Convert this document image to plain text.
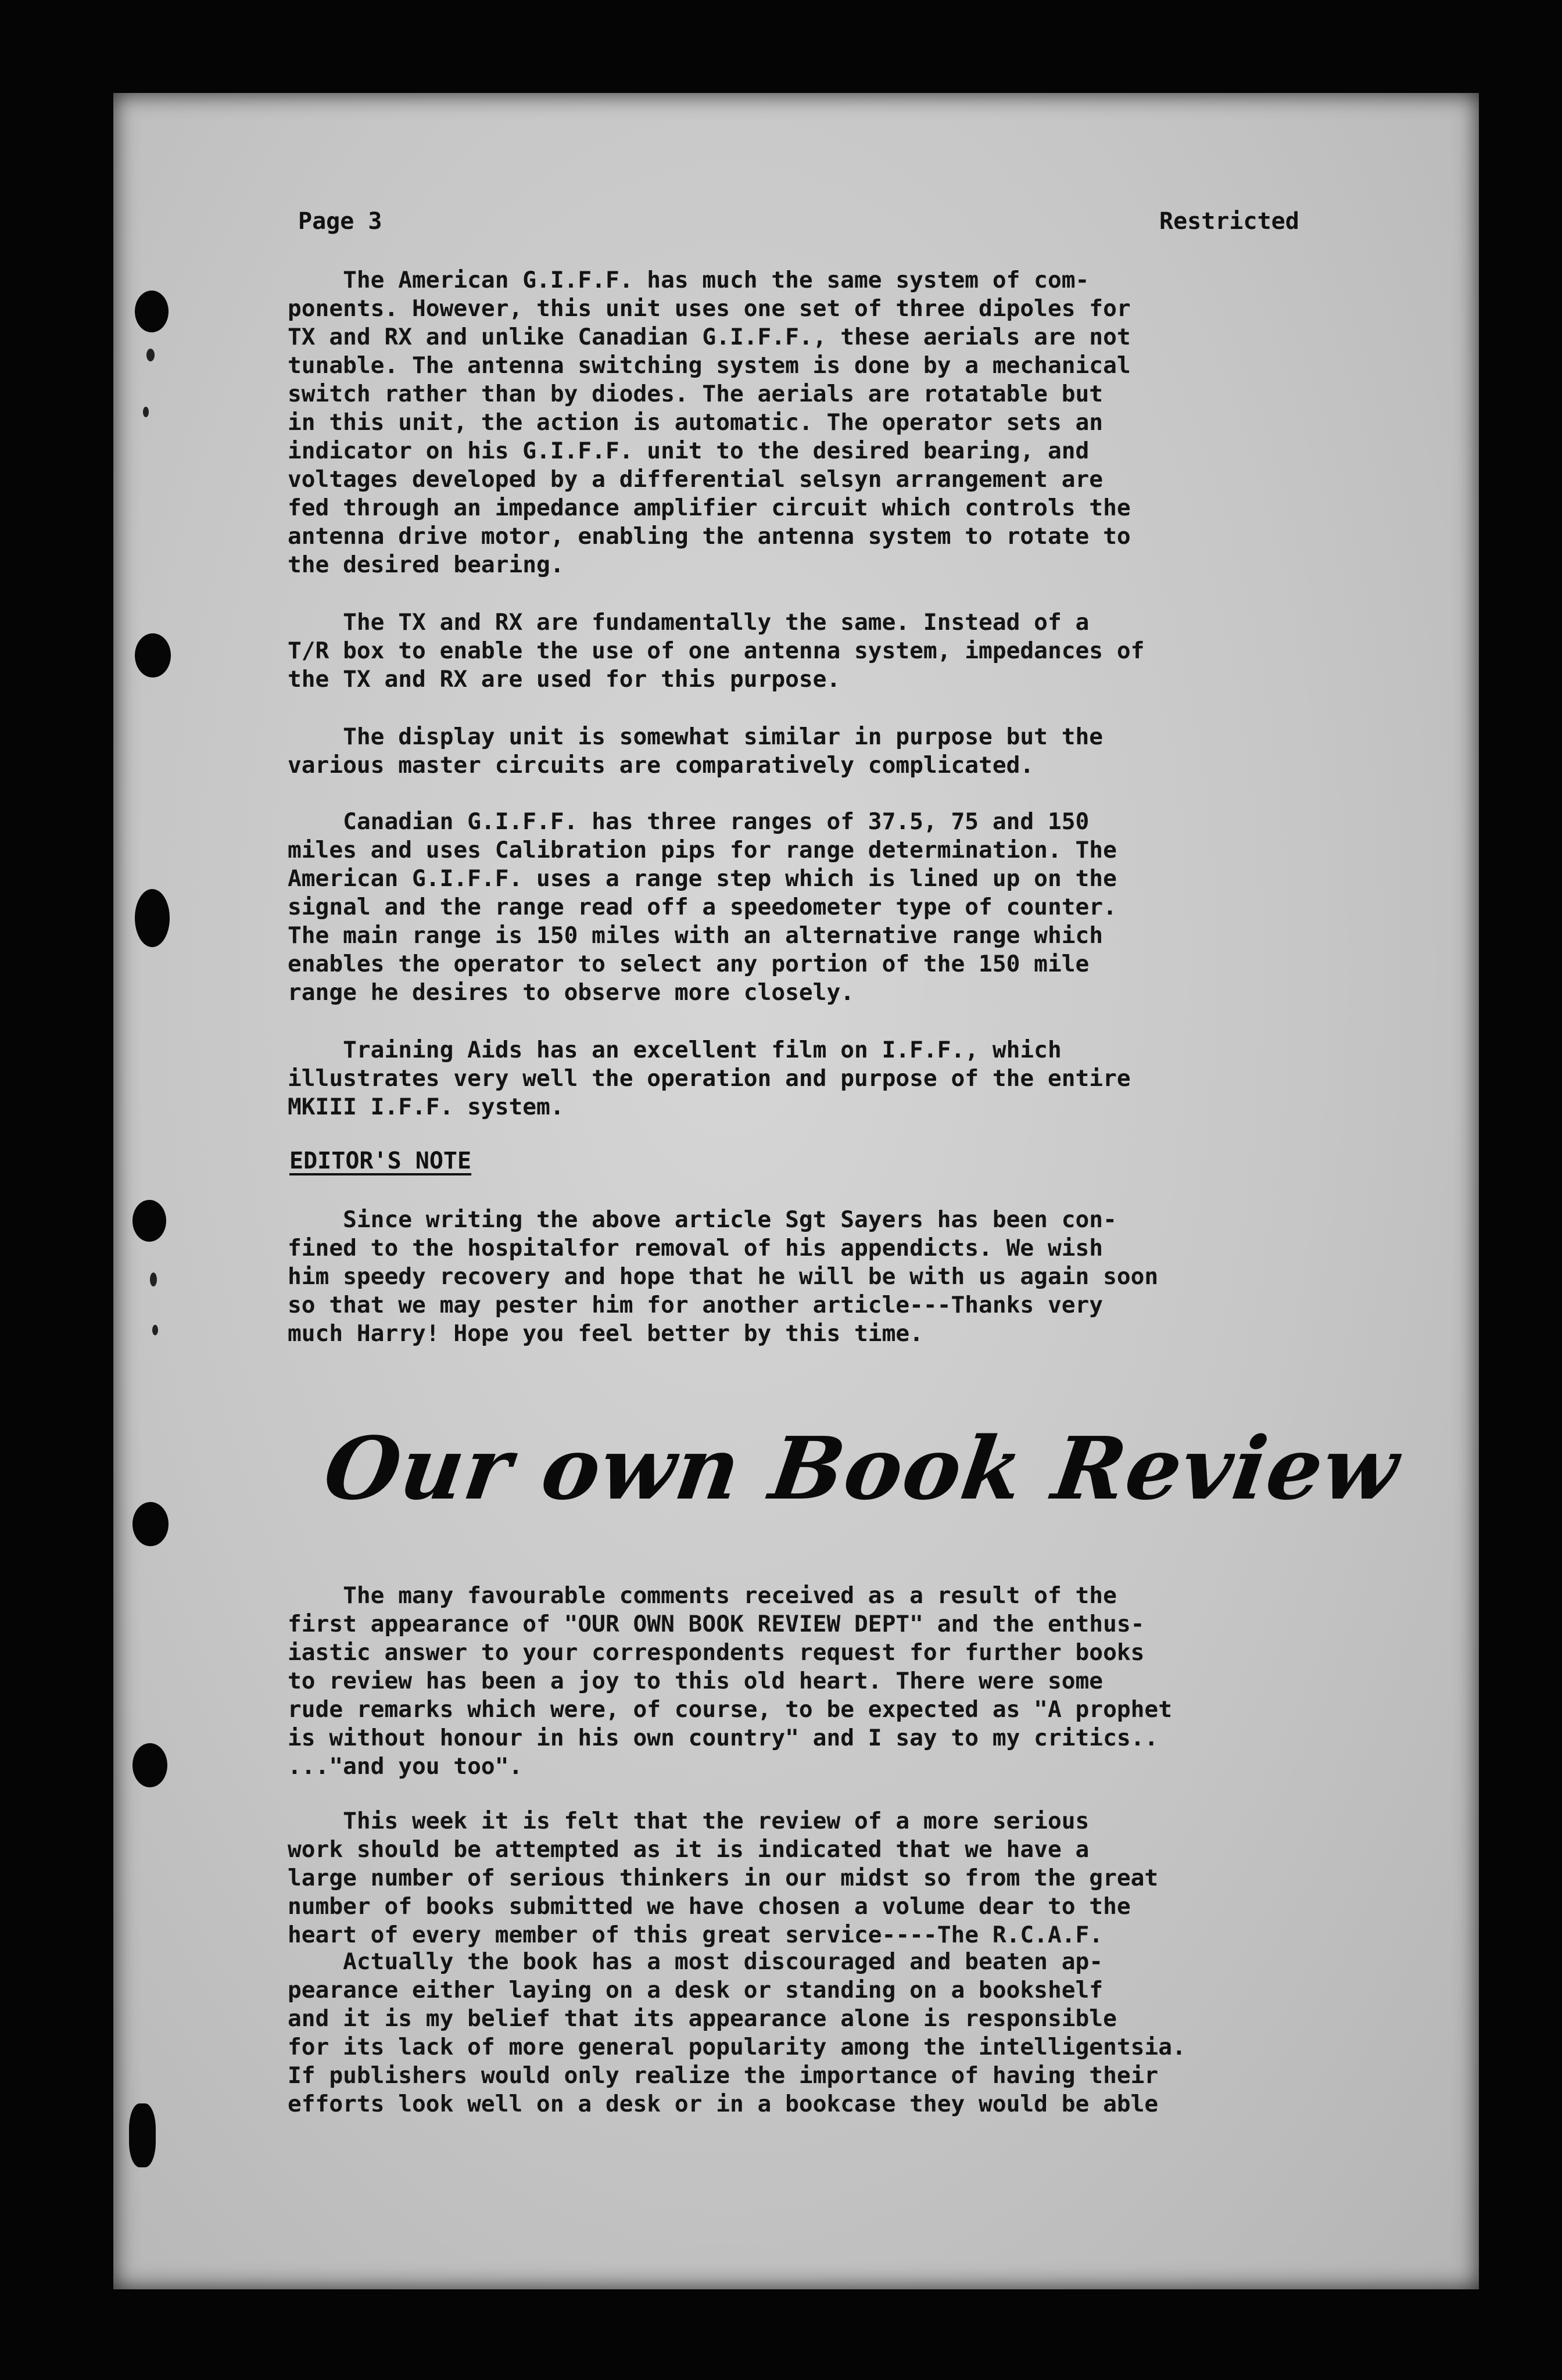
Page 3	Restricted
The American G.I.F.F. has much the same system of com-
ponents. However, this unit uses one set of three dipoles for
TX and RX and unlike Canadian G.I.F.F., these aerials are not
tunable. The antenna switching system is done by a mechanical
switch rather than by diodes. The aerials are rotatable but
in this unit, the action is automatic. The operator sets an
indicator on his G.I.F.F. unit to the desired bearing, and
voltages developed by a differential selsyn arrangement are
fed through an impedance amplifier circuit which controls the
antenna drive motor, enabling the antenna system to rotate to
the desired bearing.
The TX and RX are fundamentally the same. Instead of a
T/R box to enable the use of one antenna system, impedances of
the TX and RX are used for this purpose.
The display unit is somewhat similar in purpose but the
various master circuits are comparatively complicated.
Canadian G.I.F.F. has three ranges of 37.5, 75 and 150
miles and uses Calibration pips for range determination. The
American G.I.F.F. uses a range step which is lined up on the
signal and the range read off a speedometer type of counter.
The main range is 150 miles with an alternative range which
enables the operator to select any portion of the 150 mile
range he desires to observe more closely.
Training Aids has an excellent film on I.F.F., which
illustrates very well the operation and purpose of the entire
MKIII I.F.F. system.
EDITOR'S NOTE
Since writing the above article Sgt Sayers has been con-
fined to the hospitalfor removal of his appendicts. We wish
him speedy recovery and hope that he will be with us again soon
so that we may pester him for another article---Thanks very
much Harry! Hope you feel better by this time.
Our own Book Review
The many favourable comments received as a result of the
first appearance of "OUR OWN BOOK REVIEW DEPT" and the enthus-
iastic answer to your correspondents request for further books
to review has been a joy to this old heart. There were some
rude remarks which were, of course, to be expected as "A prophet
is without honour in his own country" and I say to my critics..
..."and you too".
This week it is felt that the review of a more serious
work should be attempted as it is indicated that we have a
large number of serious thinkers in our midst so from the great
number of books submitted we have chosen a volume dear to the
heart of every member of this great service----The R.C.A.F.
Actually the book has a most discouraged and beaten ap-
pearance either laying on a desk or standing on a bookshelf
and it is my belief that its appearance alone is responsible
for its lack of more general popularity among the intelligentsia.
If publishers would only realize the importance of having their
efforts look well on a desk or in a bookcase they would be able
